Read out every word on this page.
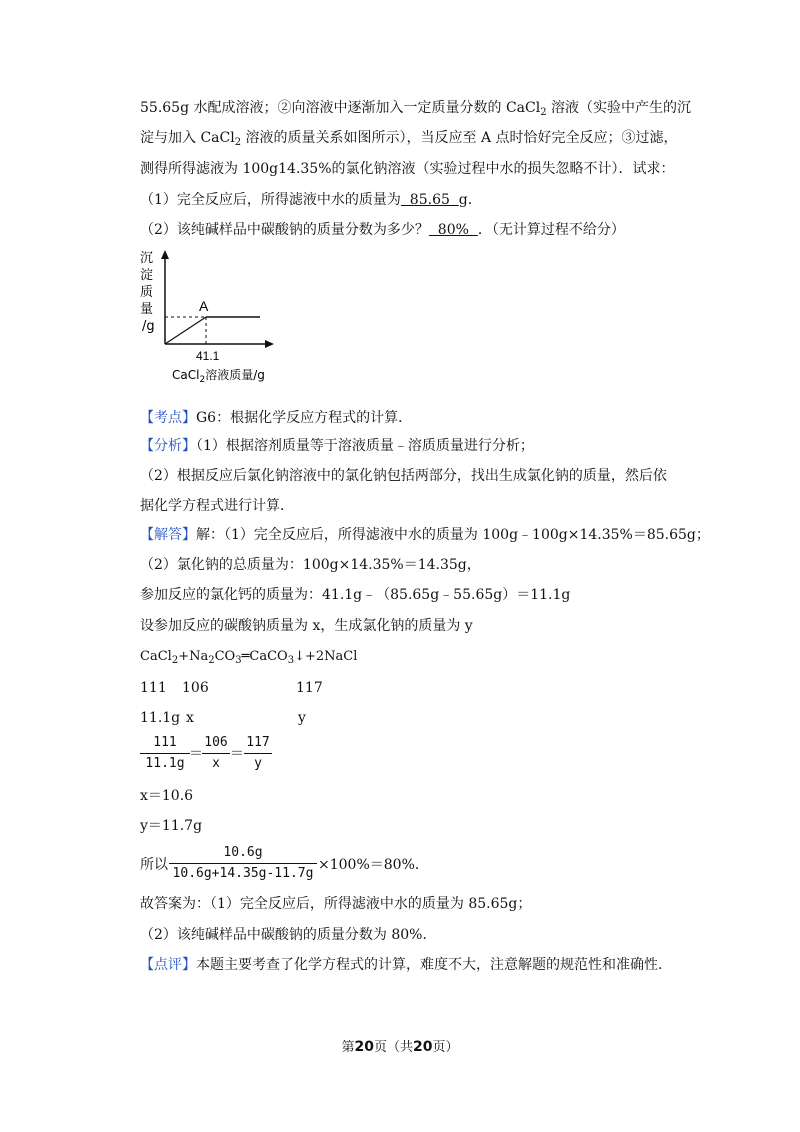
55.65g 水配成溶液；②向溶液中逐渐加入一定质量分数的 CaCl$_2$ 溶液（实验中产生的沉
淀与加入 CaCl$_2$ 溶液的质量关系如图所示），当反应至 A 点时恰好完全反应；③过滤，
测得所得滤液为 100g14.35%的氯化钠溶液（实验过程中水的损失忽略不计）．试求：
（1）完全反应后，所得滤液中水的质量为  85.65  g．
（2）该纯碱样品中碳酸钠的质量分数为多少？  80%  ．（无计算过程不给分）
A
41.1
沉
淀
质
量
/g
CaCl$_2$溶液质量/g
【考点】G6：根据化学反应方程式的计算．
【分析】（1）根据溶剂质量等于溶液质量﹣溶质质量进行分析；
（2）根据反应后氯化钠溶液中的氯化钠包括两部分，找出生成氯化钠的质量，然后依
据化学方程式进行计算．
【解答】解：（1）完全反应后，所得滤液中水的质量为 100g﹣100g×14.35%＝85.65g；
（2）氯化钠的总质量为：100g×14.35%＝14.35g，
参加反应的氯化钙的质量为：41.1g﹣（85.65g﹣55.65g）＝11.1g
设参加反应的碳酸钠质量为 x，生成氯化钠的质量为 y
$CaCl_2+Na_2CO_3═CaCO_3↓+2NaCl$
111 106	117
11.1g x	y
111
11.1g
＝
106
x
＝
117
y
x＝10.6
y＝11.7g
所以
10.6g
10.6g+14.35g-11.7g
×100%＝80%．
故答案为：（1）完全反应后，所得滤液中水的质量为 85.65g；
（2）该纯碱样品中碳酸钠的质量分数为 80%．
【点评】本题主要考查了化学方程式的计算，难度不大，注意解题的规范性和准确性．
第20页（共20页）
